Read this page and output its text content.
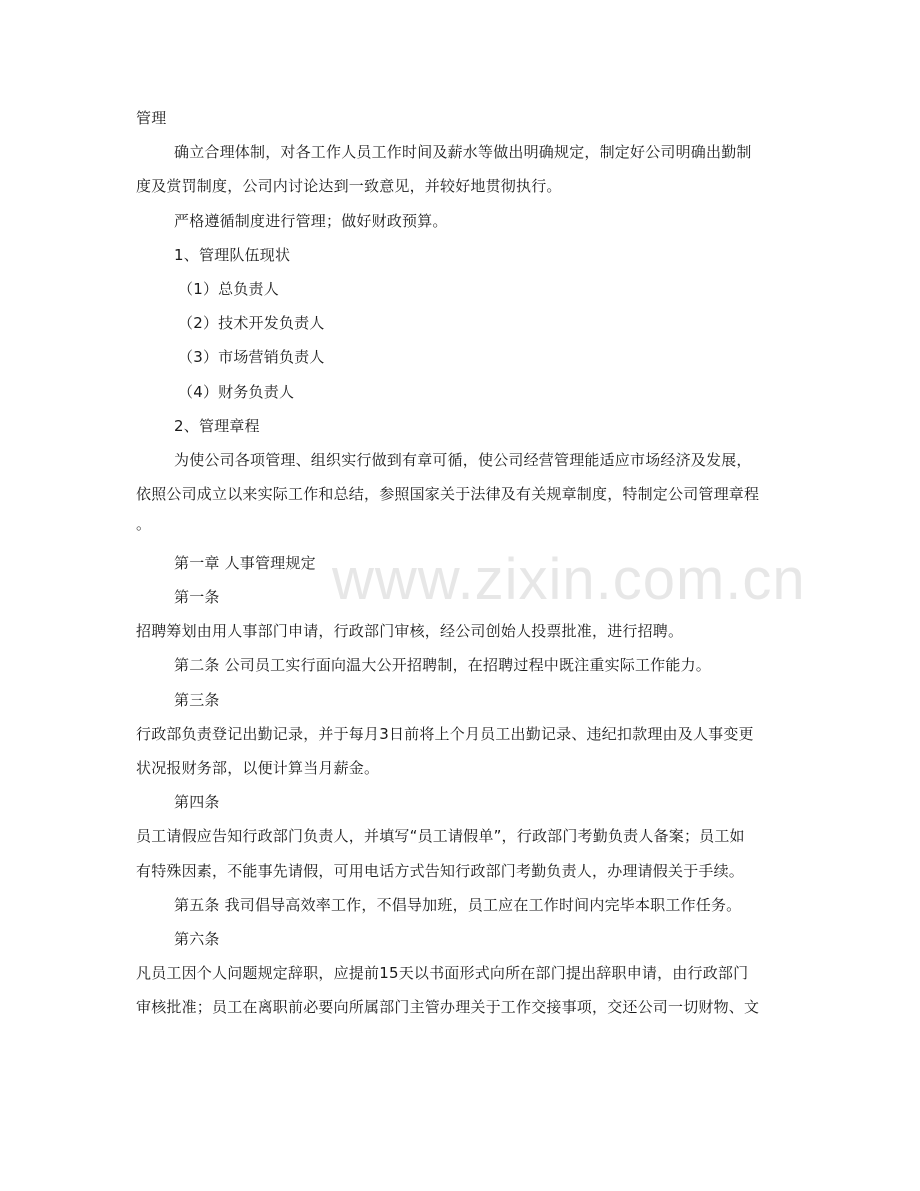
www.zixin.com.cn
管理
确立合理体制，对各工作人员工作时间及薪水等做出明确规定，制定好公司明确出勤制
度及赏罚制度，公司内讨论达到一致意见，并较好地贯彻执行。
严格遵循制度进行管理；做好财政预算。
1、管理队伍现状
（1）总负责人
（2）技术开发负责人
（3）市场营销负责人
（4）财务负责人
2、管理章程
为使公司各项管理、组织实行做到有章可循，使公司经营管理能适应市场经济及发展，
依照公司成立以来实际工作和总结，参照国家关于法律及有关规章制度，特制定公司管理章程
。
第一章 人事管理规定
第一条
招聘筹划由用人事部门申请，行政部门审核，经公司创始人投票批准，进行招聘。
第二条 公司员工实行面向温大公开招聘制，在招聘过程中既注重实际工作能力。
第三条
行政部负责登记出勤记录，并于每月3日前将上个月员工出勤记录、违纪扣款理由及人事变更
状况报财务部，以便计算当月薪金。
第四条
员工请假应告知行政部门负责人，并填写“员工请假单”，行政部门考勤负责人备案；员工如
有特殊因素，不能事先请假，可用电话方式告知行政部门考勤负责人，办理请假关于手续。
第五条 我司倡导高效率工作，不倡导加班，员工应在工作时间内完毕本职工作任务。
第六条
凡员工因个人问题规定辞职，应提前15天以书面形式向所在部门提出辞职申请，由行政部门
审核批准；员工在离职前必要向所属部门主管办理关于工作交接事项，交还公司一切财物、文
